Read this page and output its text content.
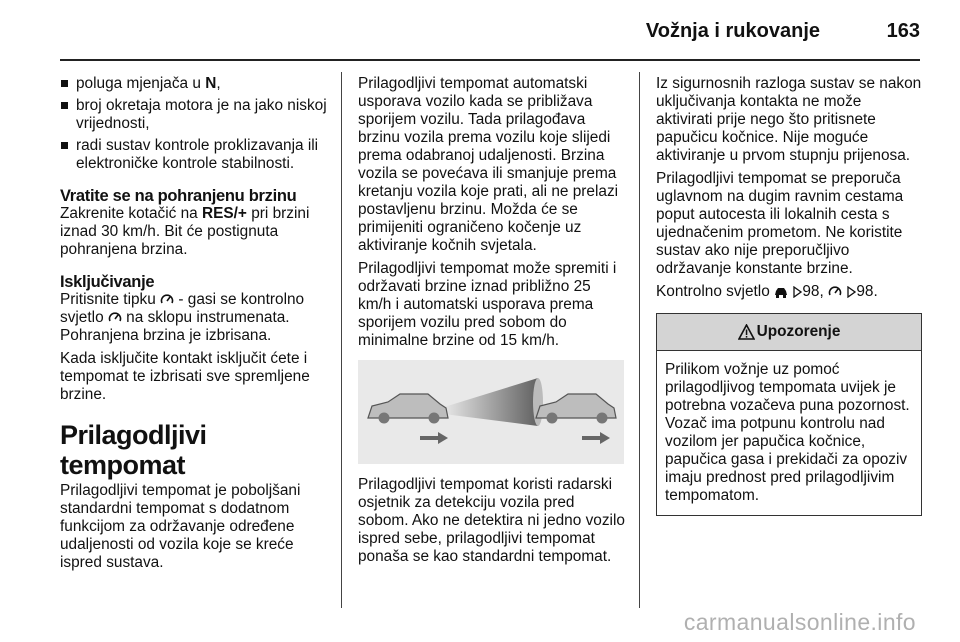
Vožnja i rukovanje	163
poluga mjenjača u N,
broj okretaja motora je na jako niskoj vrijednosti,
radi sustav kontrole proklizavanja ili elektroničke kontrole stabilnosti.
Vratite se na pohranjenu brzinu
Zakrenite kotačić na RES/+ pri brzini iznad 30 km/h. Bit će postignuta pohranjena brzina.
Isključivanje
Pritisnite tipku  - gasi se kontrolno svjetlo  na sklopu instrumenata. Pohranjena brzina je izbrisana.
Kada isključite kontakt isključit ćete i tempomat te izbrisati sve spremljene brzine.
Prilagodljivi tempomat
Prilagodljivi tempomat je poboljšani standardni tempomat s dodatnom funkcijom za održavanje određene udaljenosti od vozila koje se kreće ispred sustava.
Prilagodljivi tempomat automatski usporava vozilo kada se približava sporijem vozilu. Tada prilagođava brzinu vozila prema vozilu koje slijedi prema odabranoj udaljenosti. Brzina vozila se povećava ili smanjuje prema kretanju vozila koje prati, ali ne prelazi postavljenu brzinu. Možda će se primijeniti ograničeno kočenje uz aktiviranje kočnih svjetala.
Prilagodljivi tempomat može spremiti i održavati brzine iznad približno 25 km/h i automatski usporava prema sporijem vozilu pred sobom do minimalne brzine od 15 km/h.
Prilagodljivi tempomat koristi radarski osjetnik za detekciju vozila pred sobom. Ako ne detektira ni jedno vozilo ispred sebe, prilagodljivi tempomat ponaša se kao standardni tempomat.
Iz sigurnosnih razloga sustav se nakon uključivanja kontakta ne može aktivirati prije nego što pritisnete papučicu kočnice. Nije moguće aktiviranje u prvom stupnju prijenosa.
Prilagodljivi tempomat se preporuča uglavnom na dugim ravnim cestama poput autocesta ili lokalnih cesta s ujednačenim prometom. Ne koristite sustav ako nije preporučljivo održavanje konstante brzine.
Kontrolno svjetlo  98,  98.
Upozorenje
Prilikom vožnje uz pomoć prilagodljivog tempomata uvijek je potrebna vozačeva puna pozornost. Vozač ima potpunu kontrolu nad vozilom jer papučica kočnice, papučica gasa i prekidači za opoziv imaju prednost pred prilagodljivim tempomatom.
carmanualsonline.info
